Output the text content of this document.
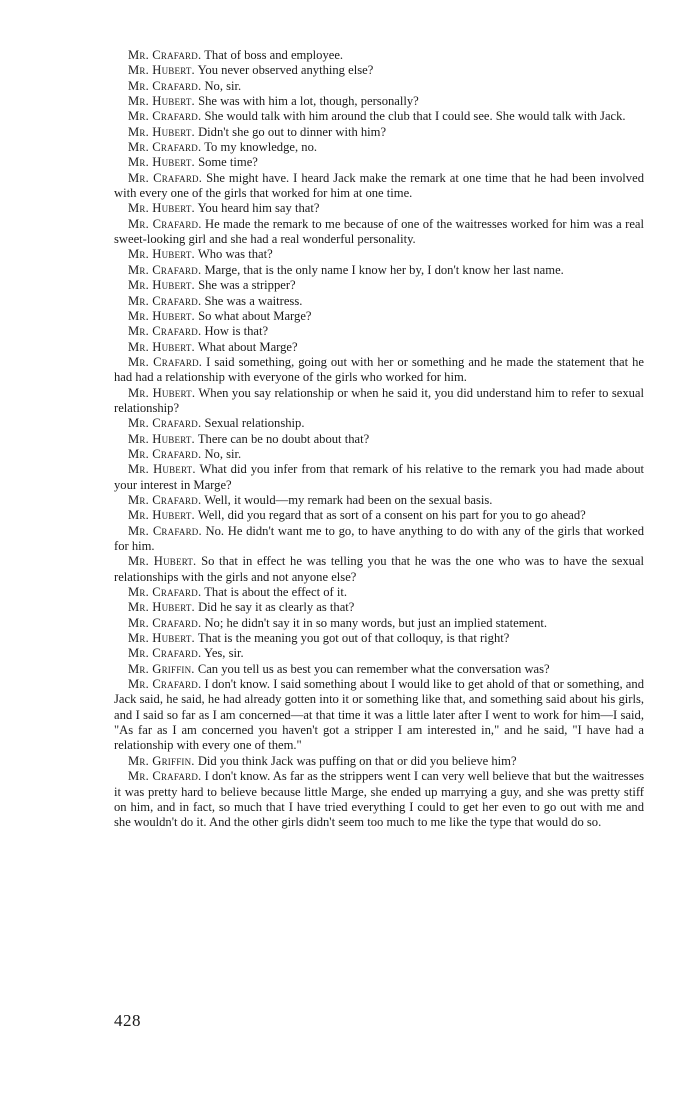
Mr. Crafard. That of boss and employee.

Mr. Hubert. You never observed anything else?

Mr. Crafard. No, sir.

Mr. Hubert. She was with him a lot, though, personally?

Mr. Crafard. She would talk with him around the club that I could see. She would talk with Jack.

Mr. Hubert. Didn't she go out to dinner with him?

Mr. Crafard. To my knowledge, no.

Mr. Hubert. Some time?

Mr. Crafard. She might have. I heard Jack make the remark at one time that he had been involved with every one of the girls that worked for him at one time.

Mr. Hubert. You heard him say that?

Mr. Crafard. He made the remark to me because of one of the waitresses worked for him was a real sweet-looking girl and she had a real wonderful personality.

Mr. Hubert. Who was that?

Mr. Crafard. Marge, that is the only name I know her by, I don't know her last name.

Mr. Hubert. She was a stripper?

Mr. Crafard. She was a waitress.

Mr. Hubert. So what about Marge?

Mr. Crafard. How is that?

Mr. Hubert. What about Marge?

Mr. Crafard. I said something, going out with her or something and he made the statement that he had had a relationship with everyone of the girls who worked for him.

Mr. Hubert. When you say relationship or when he said it, you did understand him to refer to sexual relationship?

Mr. Crafard. Sexual relationship.

Mr. Hubert. There can be no doubt about that?

Mr. Crafard. No, sir.

Mr. Hubert. What did you infer from that remark of his relative to the remark you had made about your interest in Marge?

Mr. Crafard. Well, it would—my remark had been on the sexual basis.

Mr. Hubert. Well, did you regard that as sort of a consent on his part for you to go ahead?

Mr. Crafard. No. He didn't want me to go, to have anything to do with any of the girls that worked for him.

Mr. Hubert. So that in effect he was telling you that he was the one who was to have the sexual relationships with the girls and not anyone else?

Mr. Crafard. That is about the effect of it.

Mr. Hubert. Did he say it as clearly as that?

Mr. Crafard. No; he didn't say it in so many words, but just an implied statement.

Mr. Hubert. That is the meaning you got out of that colloquy, is that right?

Mr. Crafard. Yes, sir.

Mr. Griffin. Can you tell us as best you can remember what the conversation was?

Mr. Crafard. I don't know. I said something about I would like to get ahold of that or something, and Jack said, he said, he had already gotten into it or something like that, and something said about his girls, and I said so far as I am concerned—at that time it was a little later after I went to work for him—I said, "As far as I am concerned you haven't got a stripper I am interested in," and he said, "I have had a relationship with every one of them."

Mr. Griffin. Did you think Jack was puffing on that or did you believe him?

Mr. Crafard. I don't know. As far as the strippers went I can very well believe that but the waitresses it was pretty hard to believe because little Marge, she ended up marrying a guy, and she was pretty stiff on him, and in fact, so much that I have tried everything I could to get her even to go out with me and she wouldn't do it. And the other girls didn't seem too much to me like the type that would do so.

428
